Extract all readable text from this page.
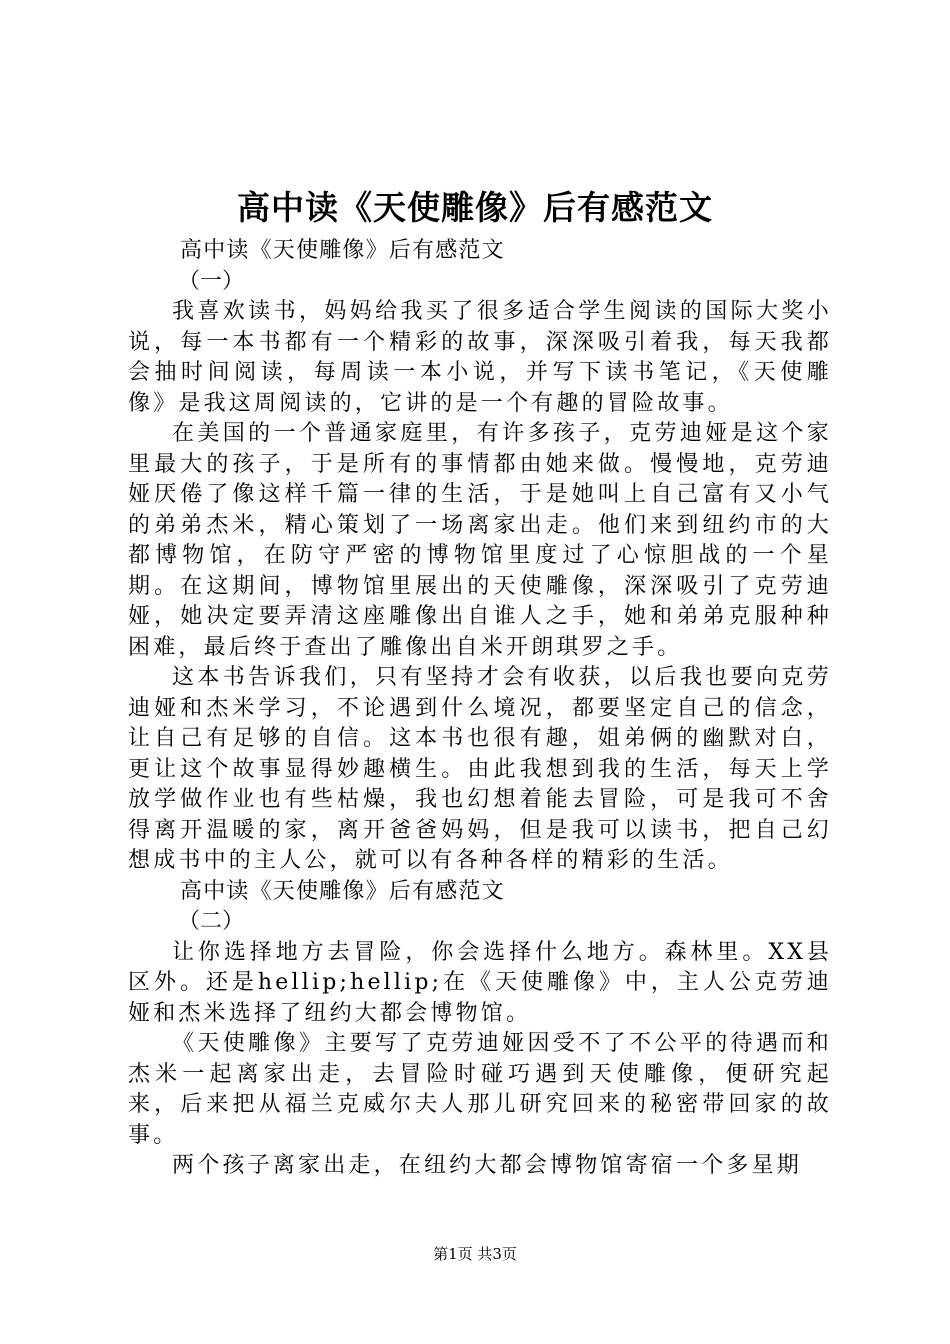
高中读《天使雕像》后有感范文

高中读《天使雕像》后有感范文

（一）

我喜欢读书，妈妈给我买了很多适合学生阅读的国际大奖小说，每一本书都有一个精彩的故事，深深吸引着我，每天我都会抽时间阅读，每周读一本小说，并写下读书笔记，《天使雕像》是我这周阅读的，它讲的是一个有趣的冒险故事。

在美国的一个普通家庭里，有许多孩子，克劳迪娅是这个家里最大的孩子，于是所有的事情都由她来做。慢慢地，克劳迪娅厌倦了像这样千篇一律的生活，于是她叫上自己富有又小气的弟弟杰米，精心策划了一场离家出走。他们来到纽约市的大都博物馆，在防守严密的博物馆里度过了心惊胆战的一个星期。在这期间，博物馆里展出的天使雕像，深深吸引了克劳迪娅，她决定要弄清这座雕像出自谁人之手，她和弟弟克服种种困难，最后终于查出了雕像出自米开朗琪罗之手。

这本书告诉我们，只有坚持才会有收获，以后我也要向克劳迪娅和杰米学习，不论遇到什么境况，都要坚定自己的信念，让自己有足够的自信。这本书也很有趣，姐弟俩的幽默对白，更让这个故事显得妙趣横生。由此我想到我的生活，每天上学放学做作业也有些枯燥，我也幻想着能去冒险，可是我可不舍得离开温暖的家，离开爸爸妈妈，但是我可以读书，把自己幻想成书中的主人公，就可以有各种各样的精彩的生活。

高中读《天使雕像》后有感范文

（二）

让你选择地方去冒险，你会选择什么地方。森林里。XX县区外。还是hellip;hellip;在《天使雕像》中，主人公克劳迪娅和杰米选择了纽约大都会博物馆。

《天使雕像》主要写了克劳迪娅因受不了不公平的待遇而和杰米一起离家出走，去冒险时碰巧遇到天使雕像，便研究起来，后来把从福兰克威尔夫人那儿研究回来的秘密带回家的故事。

两个孩子离家出走，在纽约大都会博物馆寄宿一个多星期

第1页 共3页
